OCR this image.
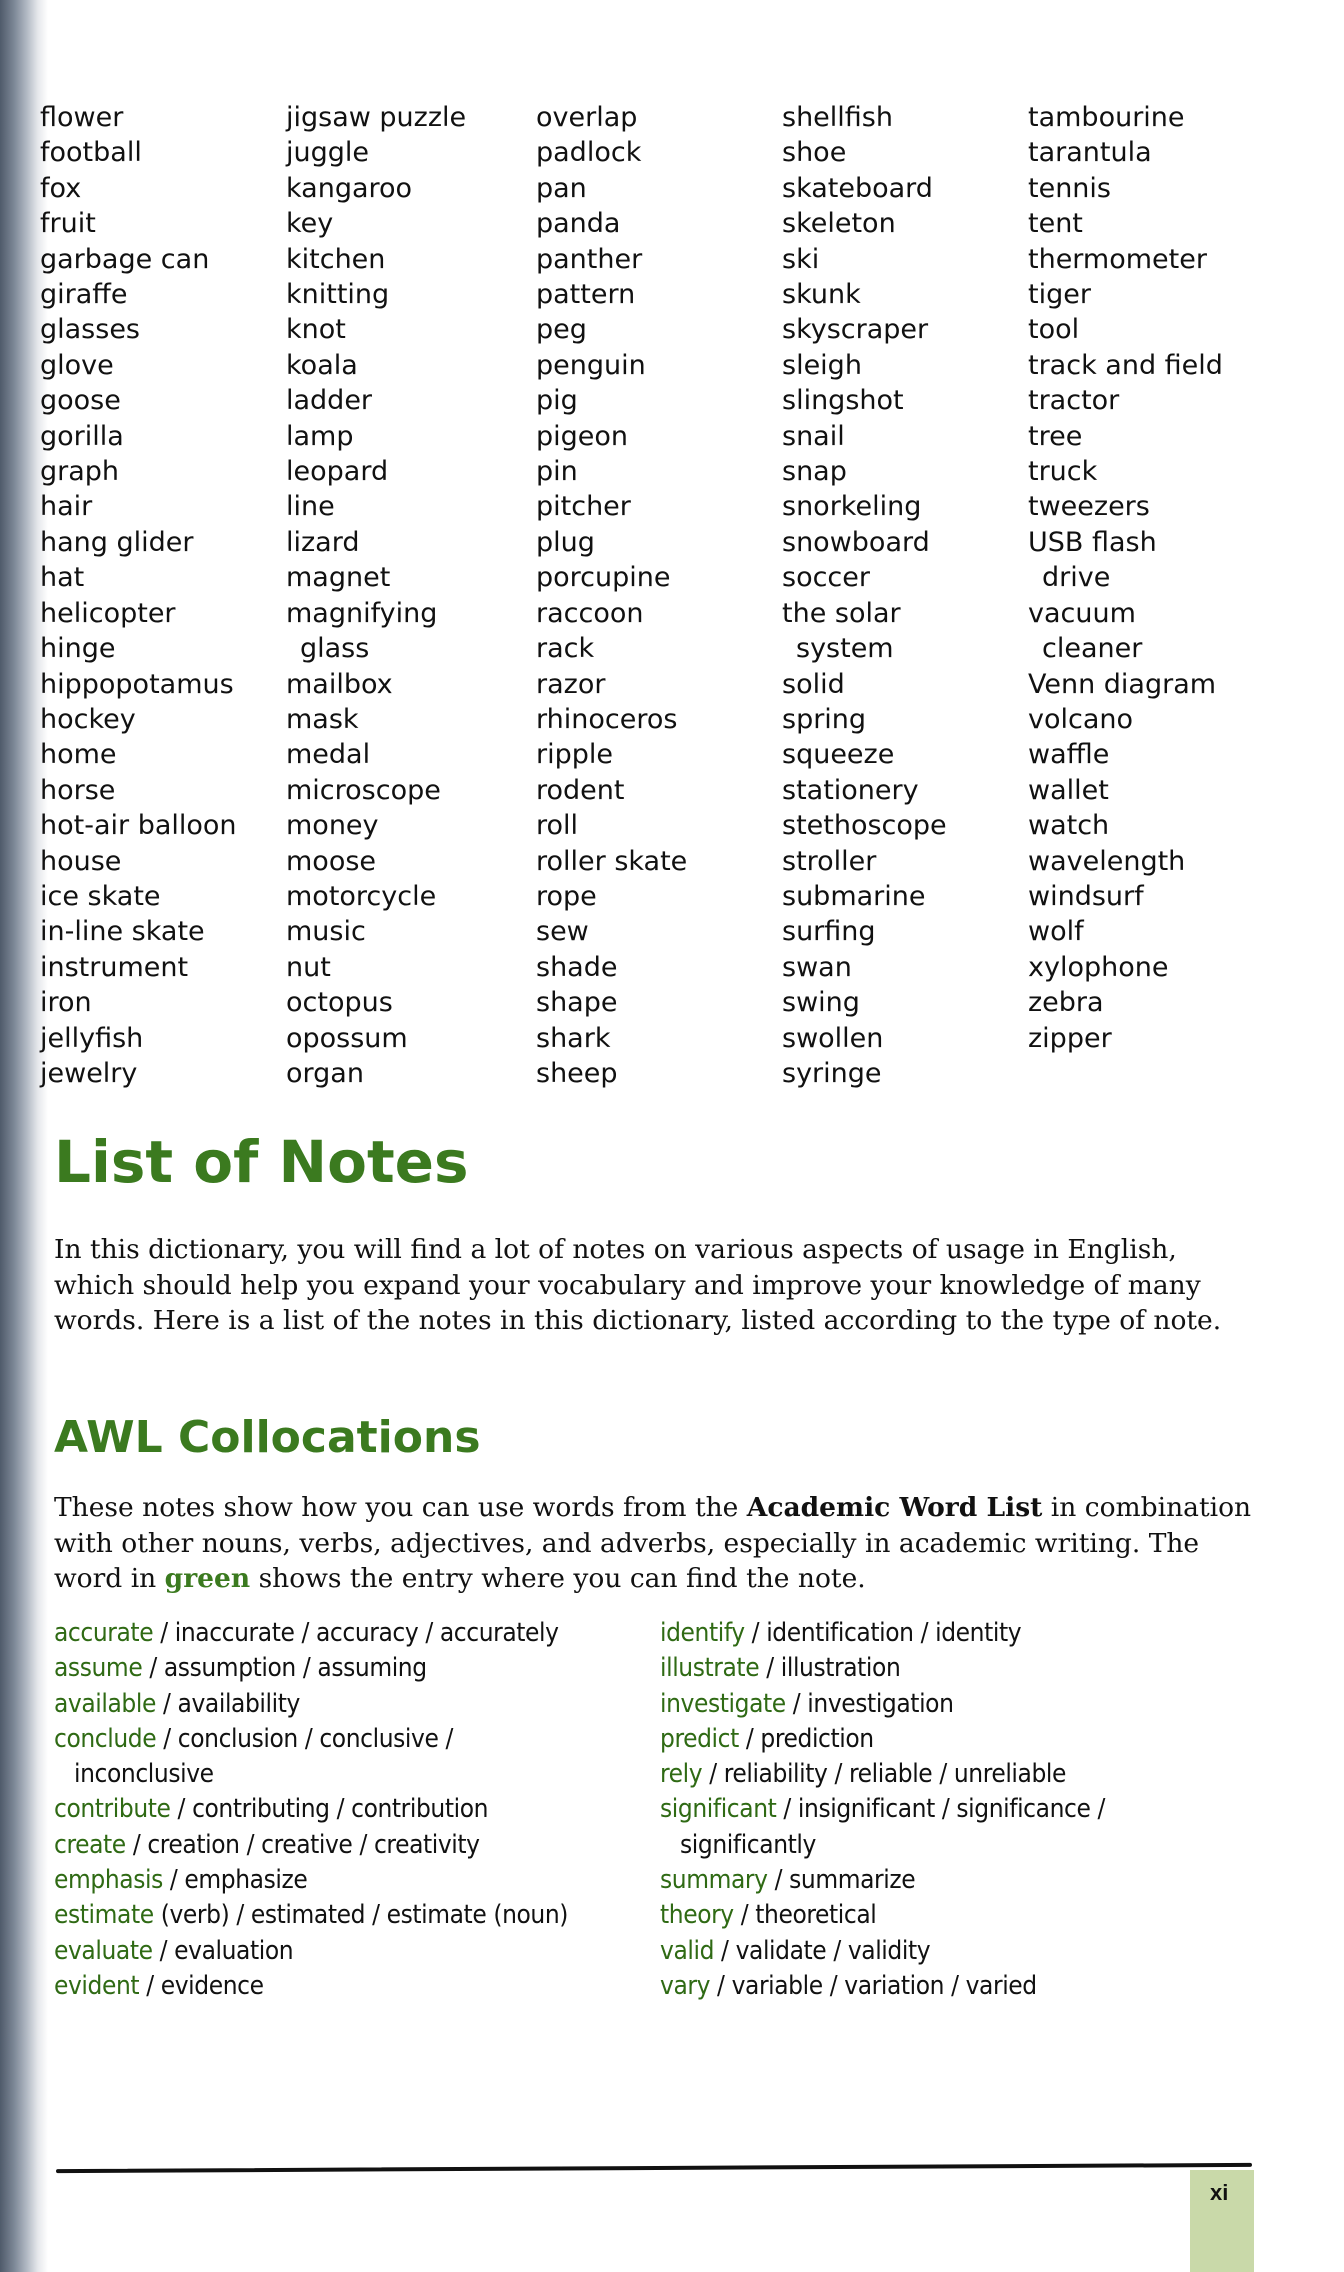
flower
football
fox
fruit
garbage can
giraffe
glasses
glove
goose
gorilla
graph
hair
hang glider
hat
helicopter
hinge
hippopotamus
hockey
home
horse
hot-air balloon
house
ice skate
in-line skate
instrument
iron
jellyfish
jewelry
jigsaw puzzle
juggle
kangaroo
key
kitchen
knitting
knot
koala
ladder
lamp
leopard
line
lizard
magnet
magnifying
glass
mailbox
mask
medal
microscope
money
moose
motorcycle
music
nut
octopus
opossum
organ
overlap
padlock
pan
panda
panther
pattern
peg
penguin
pig
pigeon
pin
pitcher
plug
porcupine
raccoon
rack
razor
rhinoceros
ripple
rodent
roll
roller skate
rope
sew
shade
shape
shark
sheep
shellfish
shoe
skateboard
skeleton
ski
skunk
skyscraper
sleigh
slingshot
snail
snap
snorkeling
snowboard
soccer
the solar
system
solid
spring
squeeze
stationery
stethoscope
stroller
submarine
surfing
swan
swing
swollen
syringe
tambourine
tarantula
tennis
tent
thermometer
tiger
tool
track and field
tractor
tree
truck
tweezers
USB flash
drive
vacuum
cleaner
Venn diagram
volcano
waffle
wallet
watch
wavelength
windsurf
wolf
xylophone
zebra
zipper
List of Notes

In this dictionary, you will find a lot of notes on various aspects of usage in English, which should help you expand your vocabulary and improve your knowledge of many words. Here is a list of the notes in this dictionary, listed according to the type of note.

AWL Collocations

These notes show how you can use words from the Academic Word List in combination with other nouns, verbs, adjectives, and adverbs, especially in academic writing. The word in green shows the entry where you can find the note.

accurate / inaccurate / accuracy / accurately
assume / assumption / assuming
available / availability
conclude / conclusion / conclusive /
inconclusive
contribute / contributing / contribution
create / creation / creative / creativity
emphasis / emphasize
estimate (verb) / estimated / estimate (noun)
evaluate / evaluation
evident / evidence
identify / identification / identity
illustrate / illustration
investigate / investigation
predict / prediction
rely / reliability / reliable / unreliable
significant / insignificant / significance /
significantly
summary / summarize
theory / theoretical
valid / validate / validity
vary / variable / variation / varied
xi
